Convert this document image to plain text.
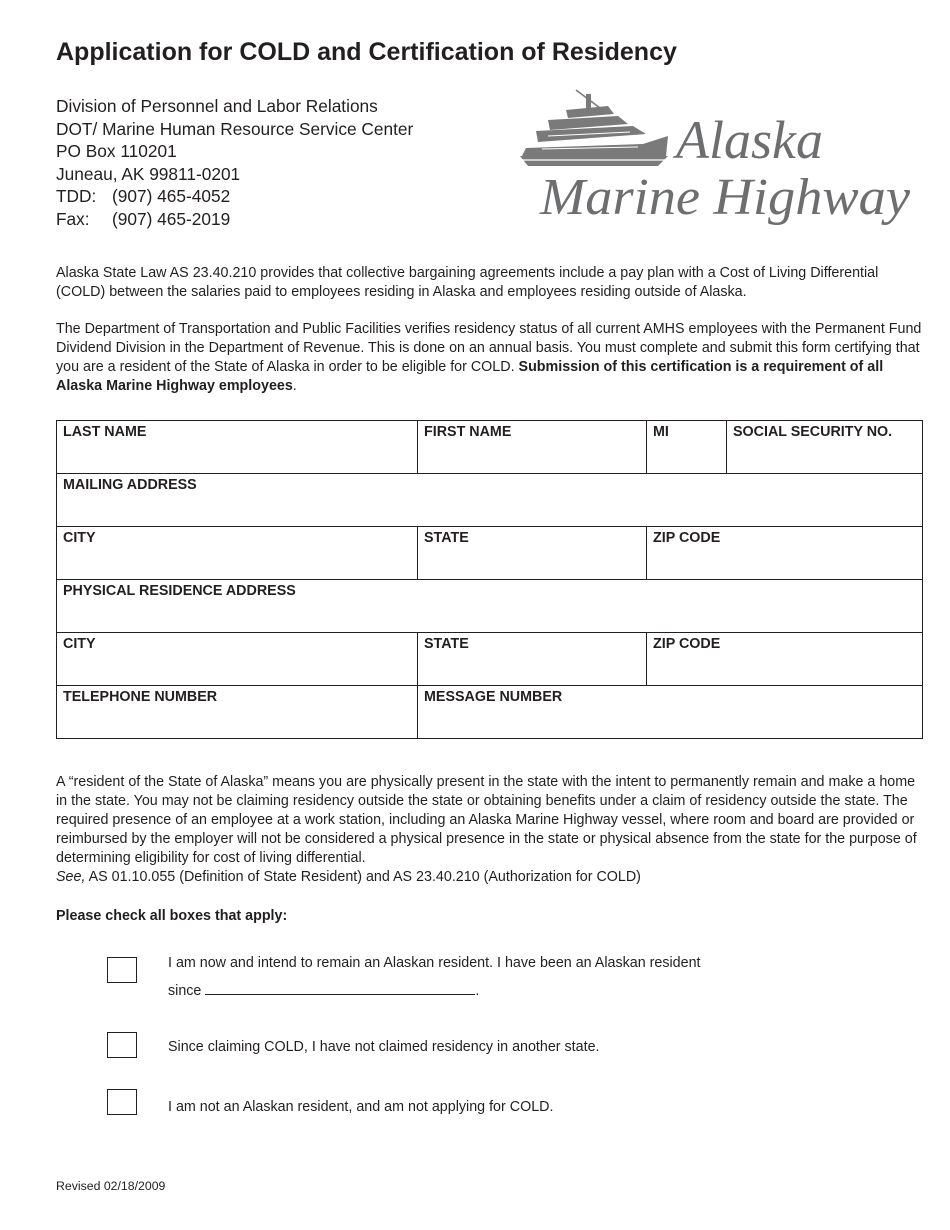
Application for COLD and Certification of Residency
Division of Personnel and Labor Relations
DOT/ Marine Human Resource Service Center
PO Box 110201
Juneau, AK 99811-0201
TDD: (907) 465-4052
Fax: (907) 465-2019
Alaska
Marine Highway
Alaska State Law AS 23.40.210 provides that collective bargaining agreements include a pay plan with a Cost of Living Differential (COLD) between the salaries paid to employees residing in Alaska and employees residing outside of Alaska.
The Department of Transportation and Public Facilities verifies residency status of all current AMHS employees with the Permanent Fund Dividend Division in the Department of Revenue. This is done on an annual basis. You must complete and submit this form certifying that you are a resident of the State of Alaska in order to be eligible for COLD. Submission of this certification is a requirement of all Alaska Marine Highway employees.
LAST NAME	FIRST NAME	MI	SOCIAL SECURITY NO.
MAILING ADDRESS			
CITY	STATE	ZIP CODE	
PHYSICAL RESIDENCE ADDRESS			
CITY	STATE	ZIP CODE	
TELEPHONE NUMBER	MESSAGE NUMBER		
A “resident of the State of Alaska” means you are physically present in the state with the intent to permanently remain and make a home in the state. You may not be claiming residency outside the state or obtaining benefits under a claim of residency outside the state. The required presence of an employee at a work station, including an Alaska Marine Highway vessel, where room and board are provided or reimbursed by the employer will not be considered a physical presence in the state or physical absence from the state for the purpose of determining eligibility for cost of living differential.
See, AS 01.10.055 (Definition of State Resident) and AS 23.40.210 (Authorization for COLD)
Please check all boxes that apply:
I am now and intend to remain an Alaskan resident. I have been an Alaskan resident
since	.
Since claiming COLD, I have not claimed residency in another state.
I am not an Alaskan resident, and am not applying for COLD.
Revised 02/18/2009
